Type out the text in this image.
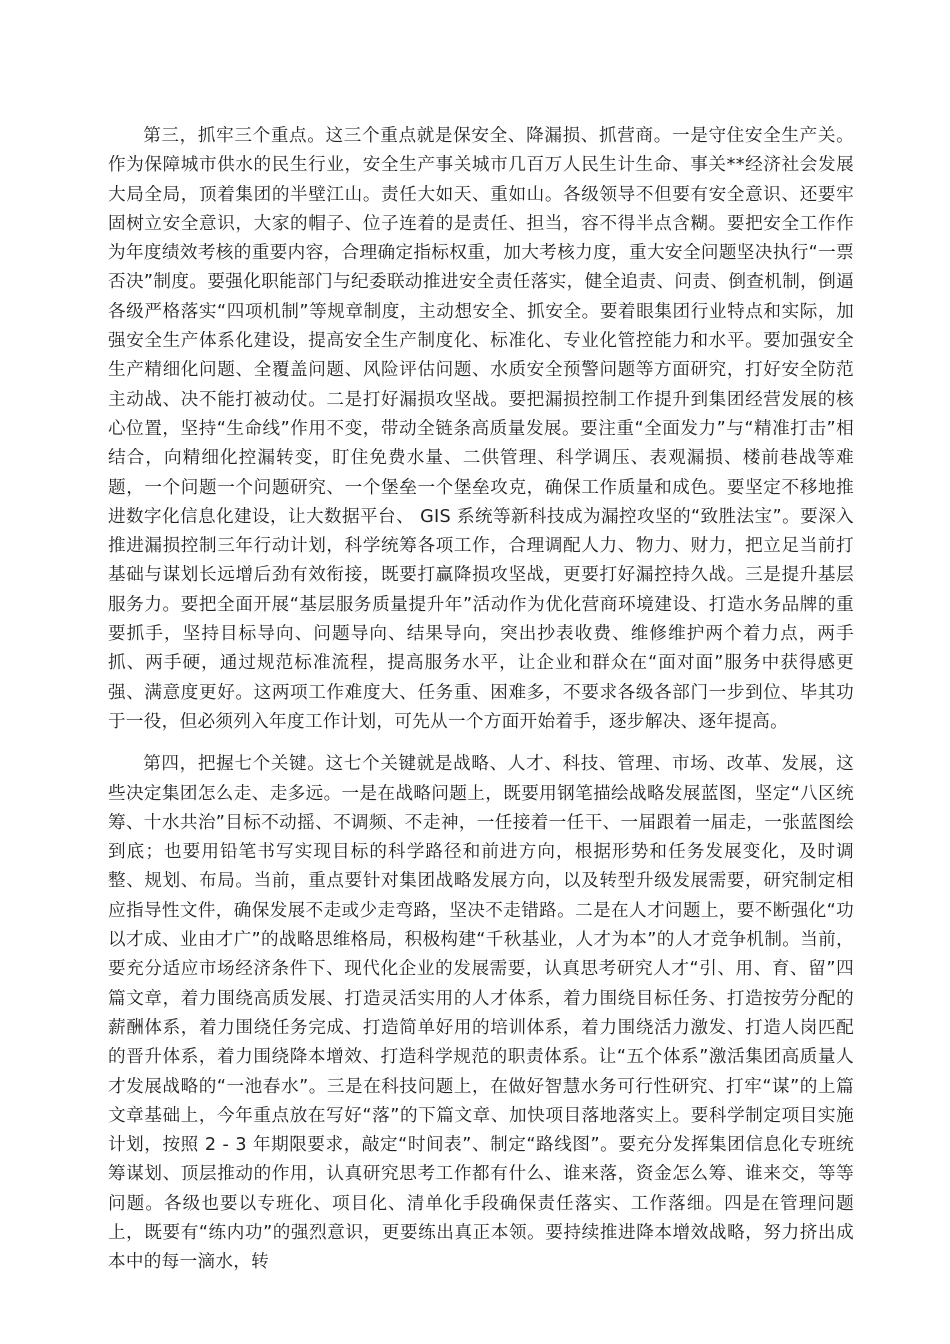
第三，抓牢三个重点。这三个重点就是保安全、降漏损、抓营商。一是守住安全生产关。作为保障城市供水的民生行业，安全生产事关城市几百万人民生计生命、事关**经济社会发展大局全局，顶着集团的半壁江山。责任大如天、重如山。各级领导不但要有安全意识、还要牢固树立安全意识，大家的帽子、位子连着的是责任、担当，容不得半点含糊。要把安全工作作为年度绩效考核的重要内容，合理确定指标权重，加大考核力度，重大安全问题坚决执行“一票否决”制度。要强化职能部门与纪委联动推进安全责任落实，健全追责、问责、倒查机制，倒逼各级严格落实“四项机制”等规章制度，主动想安全、抓安全。要着眼集团行业特点和实际，加强安全生产体系化建设，提高安全生产制度化、标准化、专业化管控能力和水平。要加强安全生产精细化问题、全覆盖问题、风险评估问题、水质安全预警问题等方面研究，打好安全防范主动战、决不能打被动仗。二是打好漏损攻坚战。要把漏损控制工作提升到集团经营发展的核心位置，坚持“生命线”作用不变，带动全链条高质量发展。要注重“全面发力”与“精准打击”相结合，向精细化控漏转变，盯住免费水量、二供管理、科学调压、表观漏损、楼前巷战等难题，一个问题一个问题研究、一个堡垒一个堡垒攻克，确保工作质量和成色。要坚定不移地推进数字化信息化建设，让大数据平台、 GIS 系统等新科技成为漏控攻坚的“致胜法宝”。要深入推进漏损控制三年行动计划，科学统筹各项工作，合理调配人力、物力、财力，把立足当前打基础与谋划长远增后劲有效衔接，既要打赢降损攻坚战，更要打好漏控持久战。三是提升基层服务力。要把全面开展“基层服务质量提升年”活动作为优化营商环境建设、打造水务品牌的重要抓手，坚持目标导向、问题导向、结果导向，突出抄表收费、维修维护两个着力点，两手抓、两手硬，通过规范标准流程，提高服务水平，让企业和群众在“面对面”服务中获得感更强、满意度更好。这两项工作难度大、任务重、困难多，不要求各级各部门一步到位、毕其功于一役，但必须列入年度工作计划，可先从一个方面开始着手，逐步解决、逐年提高。

第四，把握七个关键。这七个关键就是战略、人才、科技、管理、市场、改革、发展，这些决定集团怎么走、走多远。一是在战略问题上，既要用钢笔描绘战略发展蓝图，坚定“八区统筹、十水共治”目标不动摇、不调频、不走神，一任接着一任干、一届跟着一届走，一张蓝图绘到底；也要用铅笔书写实现目标的科学路径和前进方向，根据形势和任务发展变化，及时调整、规划、布局。当前，重点要针对集团战略发展方向，以及转型升级发展需要，研究制定相应指导性文件，确保发展不走或少走弯路，坚决不走错路。二是在人才问题上，要不断强化“功以才成、业由才广”的战略思维格局，积极构建“千秋基业，人才为本”的人才竞争机制。当前，要充分适应市场经济条件下、现代化企业的发展需要，认真思考研究人才“引、用、育、留”四篇文章，着力围绕高质发展、打造灵活实用的人才体系，着力围绕目标任务、打造按劳分配的薪酬体系，着力围绕任务完成、打造简单好用的培训体系，着力围绕活力激发、打造人岗匹配的晋升体系，着力围绕降本增效、打造科学规范的职责体系。让“五个体系”激活集团高质量人才发展战略的“一池春水”。三是在科技问题上，在做好智慧水务可行性研究、打牢“谋”的上篇文章基础上，今年重点放在写好“落”的下篇文章、加快项目落地落实上。要科学制定项目实施计划，按照 2 - 3 年期限要求，敲定“时间表”、制定“路线图”。要充分发挥集团信息化专班统筹谋划、顶层推动的作用，认真研究思考工作都有什么、谁来落，资金怎么筹、谁来交，等等问题。各级也要以专班化、项目化、清单化手段确保责任落实、工作落细。四是在管理问题上，既要有“练内功”的强烈意识，更要练出真正本领。要持续推进降本增效战略，努力挤出成本中的每一滴水，转
